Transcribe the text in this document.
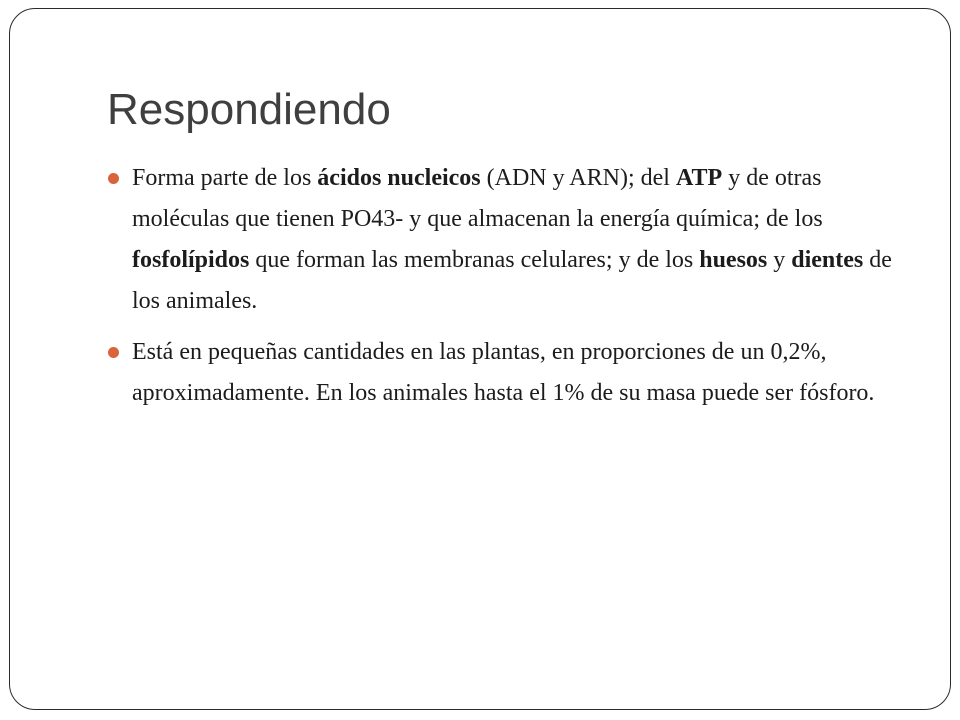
Respondiendo
Forma parte de los ácidos nucleicos (ADN y ARN); del ATP y de otras moléculas que tienen PO43- y que almacenan la energía química; de los fosfolípidos que forman las membranas celulares; y de los huesos y dientes de los animales.
Está en pequeñas cantidades en las plantas, en proporciones de un 0,2%, aproximadamente. En los animales hasta el 1% de su masa puede ser fósforo.
